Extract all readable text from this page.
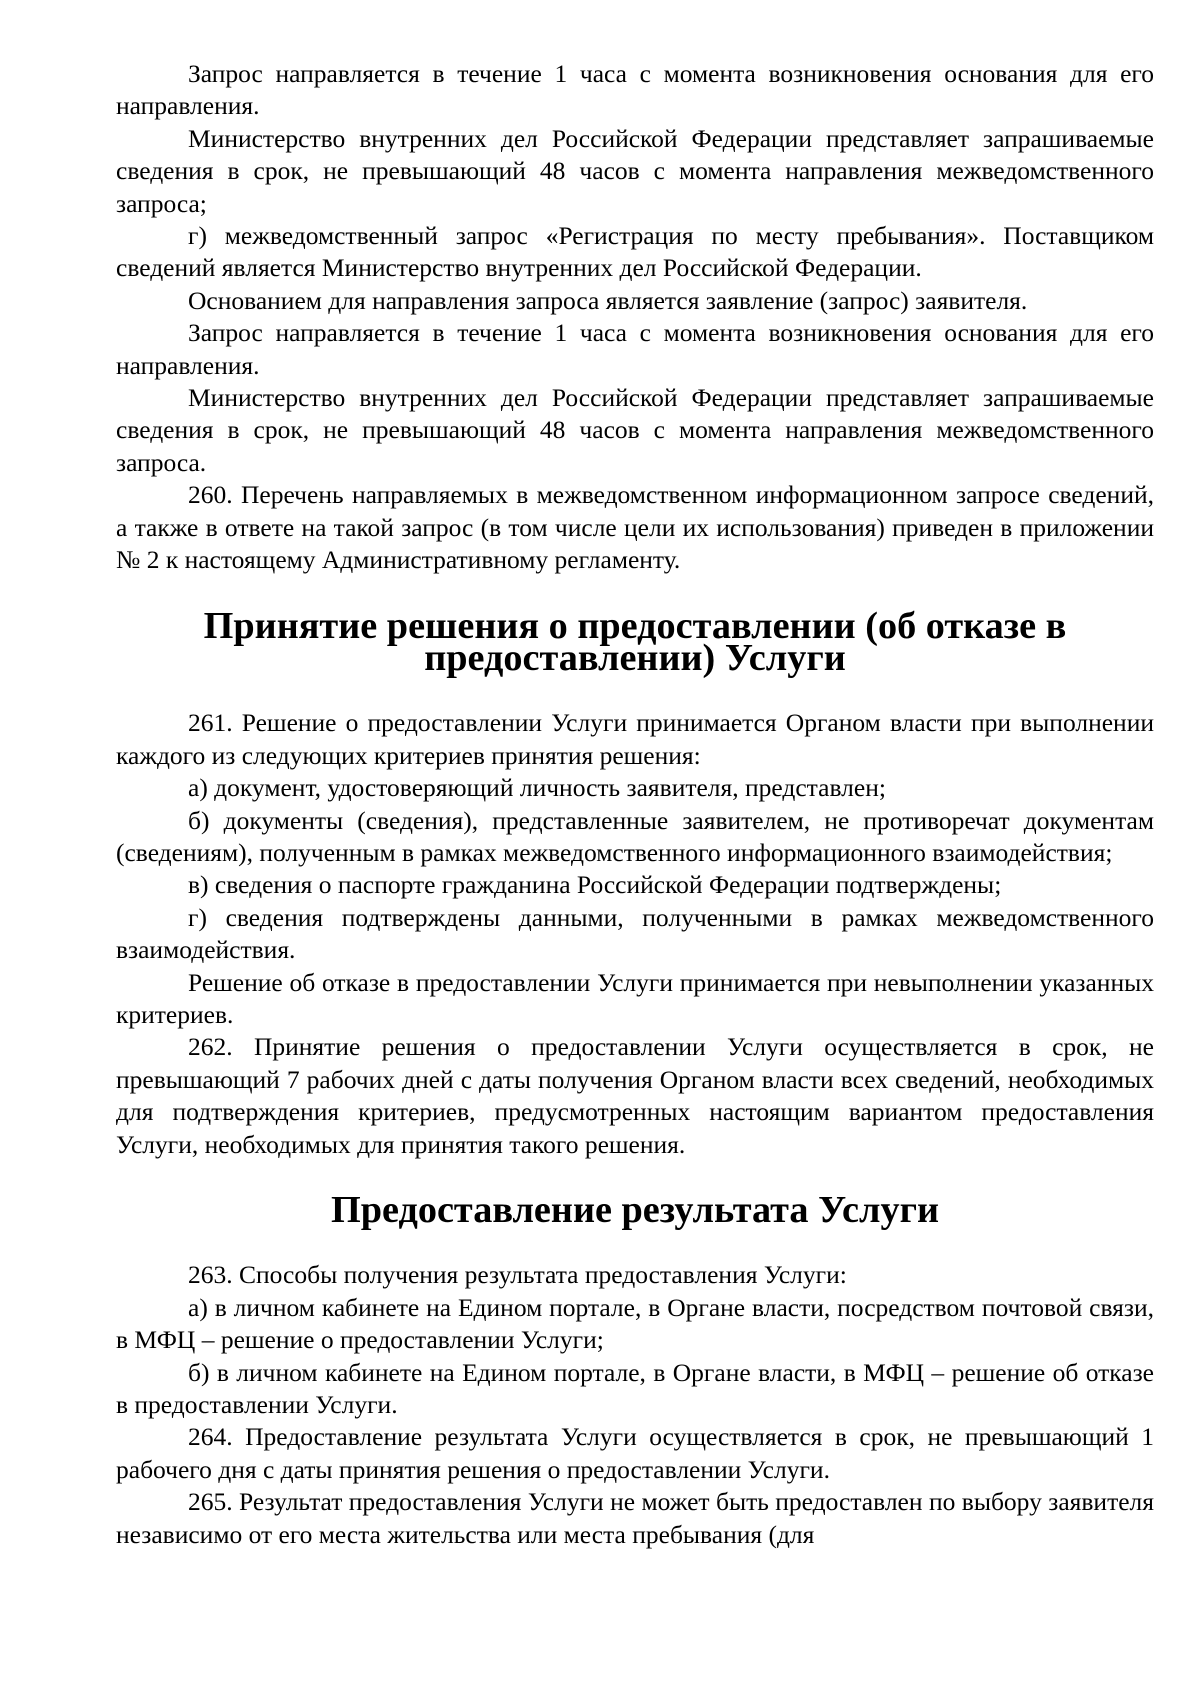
Запрос направляется в течение 1 часа с момента возникновения основания для его направления.

Министерство внутренних дел Российской Федерации представляет запрашиваемые сведения в срок, не превышающий 48 часов с момента направления межведомственного запроса;

г) межведомственный запрос «Регистрация по месту пребывания». Поставщиком сведений является Министерство внутренних дел Российской Федерации.

Основанием для направления запроса является заявление (запрос) заявителя.

Запрос направляется в течение 1 часа с момента возникновения основания для его направления.

Министерство внутренних дел Российской Федерации представляет запрашиваемые сведения в срок, не превышающий 48 часов с момента направления межведомственного запроса.

260. Перечень направляемых в межведомственном информационном запросе сведений, а также в ответе на такой запрос (в том числе цели их использования) приведен в приложении № 2 к настоящему Административному регламенту.

Принятие решения о предоставлении (об отказе в предоставлении) Услуги

261. Решение о предоставлении Услуги принимается Органом власти при выполнении каждого из следующих критериев принятия решения:

а) документ, удостоверяющий личность заявителя, представлен;

б) документы (сведения), представленные заявителем, не противоречат документам (сведениям), полученным в рамках межведомственного информационного взаимодействия;

в) сведения о паспорте гражданина Российской Федерации подтверждены;

г) сведения подтверждены данными, полученными в рамках межведомственного взаимодействия.

Решение об отказе в предоставлении Услуги принимается при невыполнении указанных критериев.

262. Принятие решения о предоставлении Услуги осуществляется в срок, не превышающий 7 рабочих дней с даты получения Органом власти всех сведений, необходимых для подтверждения критериев, предусмотренных настоящим вариантом предоставления Услуги, необходимых для принятия такого решения.

Предоставление результата Услуги

263. Способы получения результата предоставления Услуги:

а) в личном кабинете на Едином портале, в Органе власти, посредством почтовой связи, в МФЦ – решение о предоставлении Услуги;

б) в личном кабинете на Едином портале, в Органе власти, в МФЦ – решение об отказе в предоставлении Услуги.

264. Предоставление результата Услуги осуществляется в срок, не превышающий 1 рабочего дня с даты принятия решения о предоставлении Услуги.

265. Результат предоставления Услуги не может быть предоставлен по выбору заявителя независимо от его места жительства или места пребывания (для
